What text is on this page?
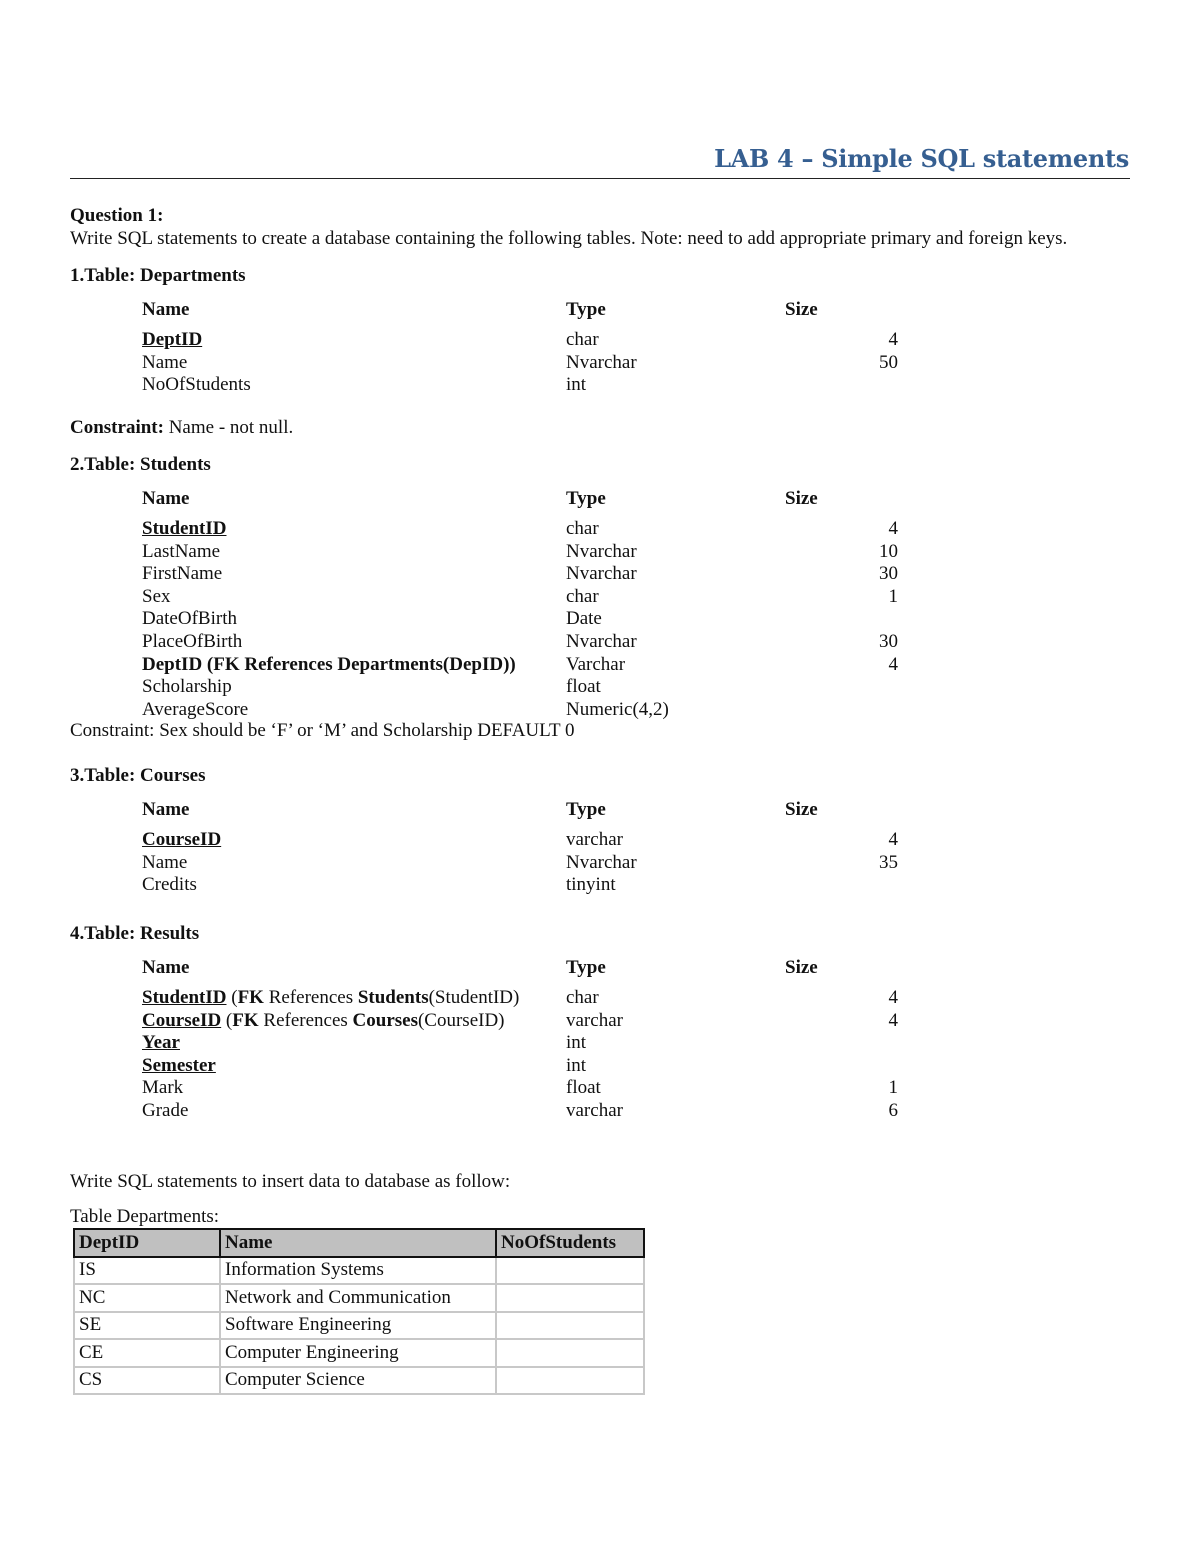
LAB 4 – Simple SQL statements
Question 1:
Write SQL statements to create a database containing the following tables. Note: need to add appropriate primary and foreign keys.
1.Table: Departments
Name	Type	Size
DeptID	char	4
Name	Nvarchar	50
NoOfStudents	int
Constraint: Name - not null.
2.Table: Students
Name	Type	Size
StudentID	char	4
LastName	Nvarchar	10
FirstName	Nvarchar	30
Sex	char	1
DateOfBirth	Date
PlaceOfBirth	Nvarchar	30
DeptID (FK References Departments(DepID))	Varchar	4
Scholarship	float
AverageScore	Numeric(4,2)
Constraint: Sex should be ‘F’ or ‘M’ and Scholarship DEFAULT 0
3.Table: Courses
Name	Type	Size
CourseID	varchar	4
Name	Nvarchar	35
Credits	tinyint
4.Table: Results
Name	Type	Size
StudentID (FK References Students(StudentID) char	4
CourseID (FK References Courses(CourseID)	varchar	4
Year	int
Semester	int
Mark	float	1
Grade	varchar	6
Write SQL statements to insert data to database as follow:
Table Departments:
DeptID	Name	NoOfStudents
IS	Information Systems	
NC	Network and Communication	
SE	Software Engineering	
CE	Computer Engineering	
CS	Computer Science	
